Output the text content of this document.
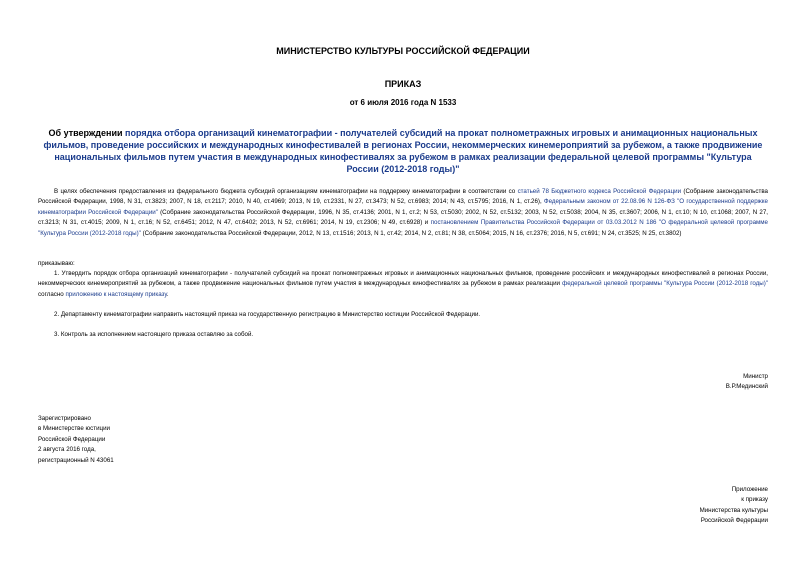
МИНИСТЕРСТВО КУЛЬТУРЫ РОССИЙСКОЙ ФЕДЕРАЦИИ
ПРИКАЗ
от 6 июля 2016 года N 1533
Об утверждении порядка отбора организаций кинематографии - получателей субсидий на прокат полнометражных игровых и анимационных национальных фильмов, проведение российских и международных кинофестивалей в регионах России, некоммерческих кинемероприятий за рубежом, а также продвижение национальных фильмов путем участия в международных кинофестивалях за рубежом в рамках реализации федеральной целевой программы "Культура России (2012-2018 годы)"
В целях обеспечения предоставления из федерального бюджета субсидий организациям кинематографии на поддержку кинематографии в соответствии со статьей 78 Бюджетного кодекса Российской Федерации (Собрание законодательства Российской Федерации, 1998, N 31, ст.3823; 2007, N 18, ст.2117; 2010, N 40, ст.4969; 2013, N 19, ст.2331, N 27, ст.3473; N 52, ст.6983; 2014; N 43, ст.5795; 2016, N 1, ст.26), Федеральным законом от 22.08.96 N 126-ФЗ "О государственной поддержке кинематографии Российской Федерации" (Собрание законодательства Российской Федерации, 1996, N 35, ст.4136; 2001, N 1, ст.2; N 53, ст.5030; 2002, N 52, ст.5132; 2003, N 52, ст.5038; 2004, N 35, ст.3607; 2006, N 1, ст.10; N 10, ст.1068; 2007, N 27, ст.3213; N 31, ст.4015; 2009, N 1, ст.16; N 52, ст.6451; 2012, N 47, ст.6402; 2013, N 52, ст.6961; 2014, N 19, ст.2306; N 49, ст.6928) и постановлением Правительства Российской Федерации от 03.03.2012 N 186 "О федеральной целевой программе "Культура России (2012-2018 годы)" (Собрание законодательства Российской Федерации, 2012, N 13, ст.1516; 2013, N 1, ст.42; 2014, N 2, ст.81; N 38, ст.5064; 2015, N 16, ст.2376; 2016, N 5, ст.691; N 24, ст.3525; N 25, ст.3802)
приказываю:
1. Утвердить порядок отбора организаций кинематографии - получателей субсидий на прокат полнометражных игровых и анимационных национальных фильмов, проведение российских и международных кинофестивалей в регионах России, некоммерческих кинемероприятий за рубежом, а также продвижение национальных фильмов путем участия в международных кинофестивалях за рубежом в рамках реализации федеральной целевой программы "Культура России (2012-2018 годы)" согласно приложению к настоящему приказу.
2. Департаменту кинематографии направить настоящий приказ на государственную регистрацию в Министерство юстиции Российской Федерации.
3. Контроль за исполнением настоящего приказа оставляю за собой.
Министр
В.Р.Мединский
Зарегистрировано
в Министерстве юстиции
Российской Федерации
2 августа 2016 года,
регистрационный N 43061
Приложение
к приказу
Министерства культуры
Российской Федерации
